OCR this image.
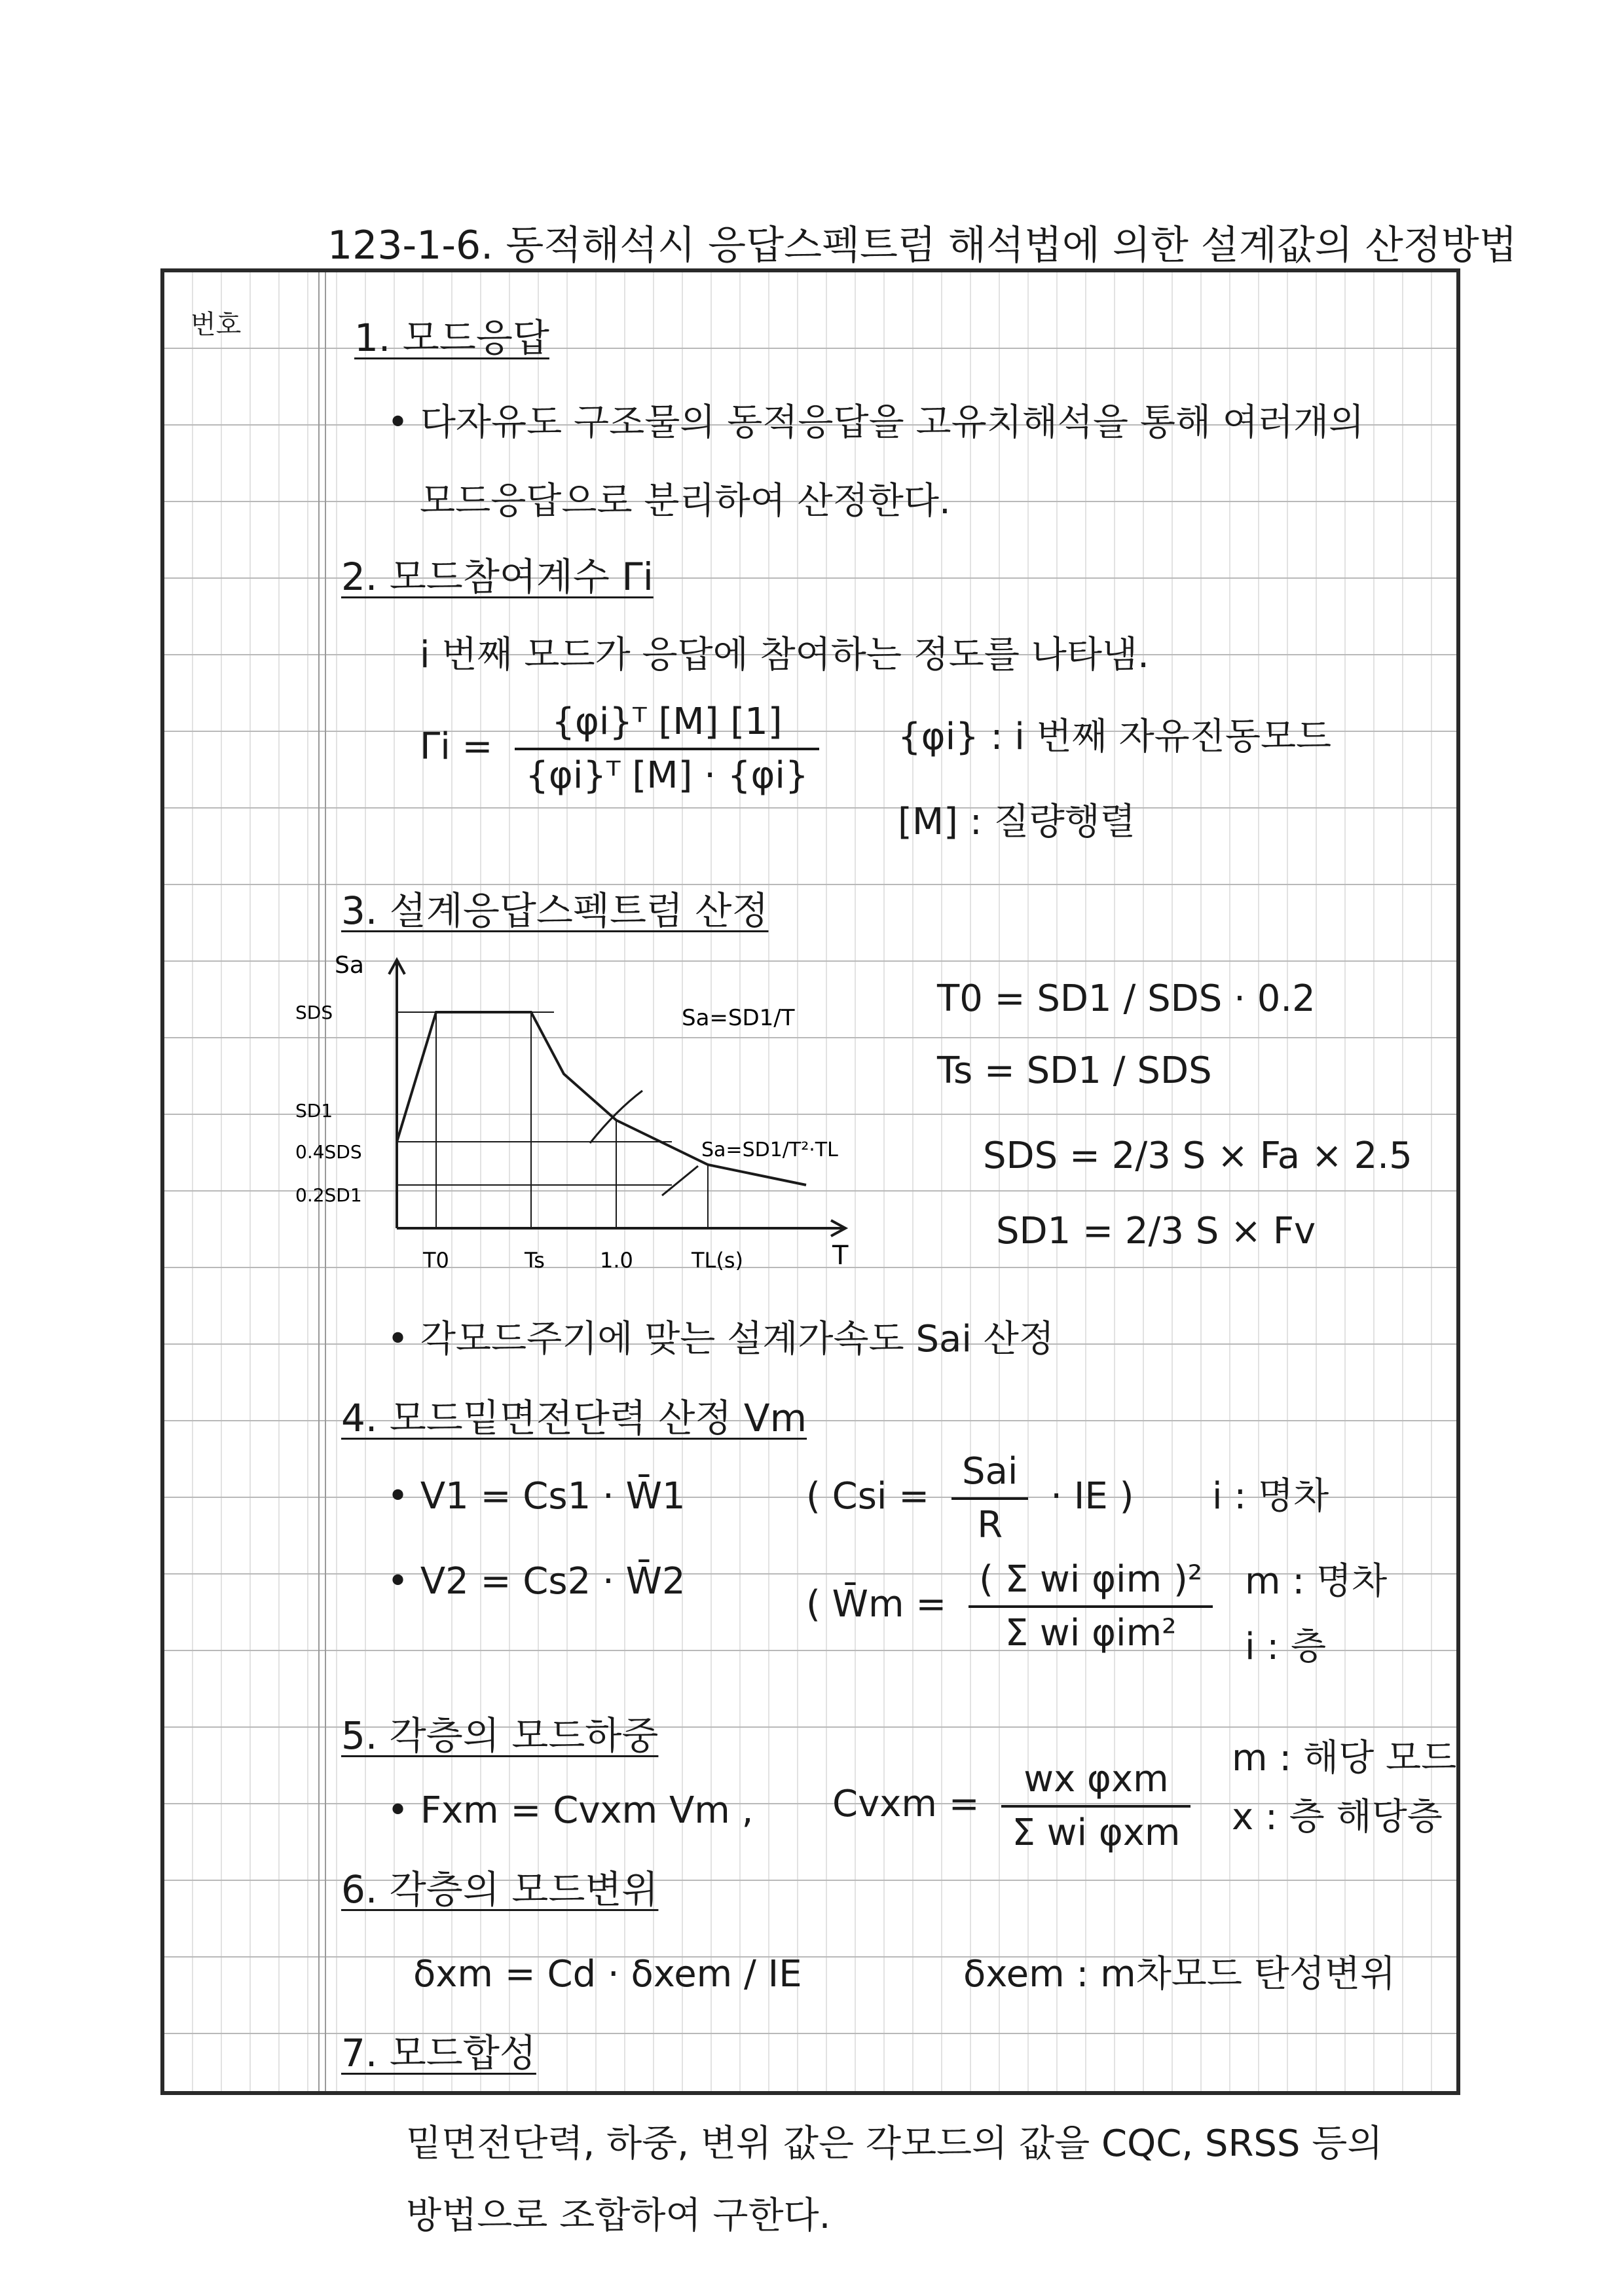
123-1-6. 동적해석시 응답스펙트럼 해석법에 의한 설계값의 산정방법
번호	1. 모드응답
• 다자유도 구조물의 동적응답을 고유치해석을 통해 여러개의
모드응답으로 분리하여 산정한다.
2. 모드참여계수 Γi
i 번째 모드가 응답에 참여하는 정도를 나타냄.
$\Gamma i = \frac{\text{\{φi\}ᵀ [M] [1]}}{\text{\{φi\}ᵀ [M] · \{φi\}}} \{\varphi i\}$ : i 번째 자유진동모드
[M] : 질량행렬
3. 설계응답스펙트럼 산정
Sa
T
SDS
SD1
0.4SDS
0.2SD1
T0	Ts	1.0	TL(s)
Sa=SD1/T
Sa=SD1/T²·TL
T0 = SD1 / SDS · 0.2
Ts = SD1 / SDS
SDS = 2/3 S × Fa × 2.5
SD1 = 2/3 S × Fv
• 각모드주기에 맞는 설계가속도 Sai 산정
4. 모드밑면전단력 산정 Vm
• V1 = Cs1 · W̄1
• V2 = Cs2 · W̄2
( Csi = $\frac{\text{Sai}}{R}$ · IE ) i : 명차
( W̄m = $\frac{\text{( Σ wi φim )²}}{\text{Σ wi φim²}}$ m : 명차
i : 층
5. 각층의 모드하중
• Fxm = Cvxm Vm , Cvxm = $\frac{\text{wx φxm}}{\text{Σ wi φxm}}$ m : 해당 모드
x : 층 해당층
6. 각층의 모드변위
δxm = Cd · δxem / IE	δxem : m차모드 탄성변위
7. 모드합성
밑면전단력, 하중, 변위 값은 각모드의 값을 CQC, SRSS 등의
방법으로 조합하여 구한다.
